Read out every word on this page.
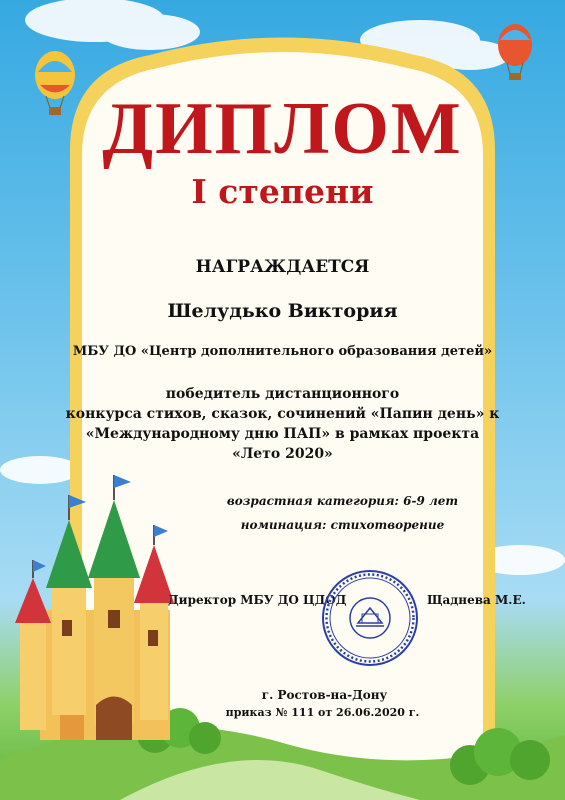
ДИПЛОМ
I степени

НАГРАЖДАЕТСЯ

Шелудько Виктория

МБУ ДО «Центр дополнительного образования детей»

победитель дистанционного
конкурса стихов, сказок, сочинений «Папин день» к
«Международному дню ПАП» в рамках проекта
«Лето 2020»

возрастная категория: 6-9 лет

номинация: стихотворение

Директор МБУ ДО ЦДОД	Щаднева М.Е.

г. Ростов-на-Дону

приказ № 111 от 26.06.2020 г.
